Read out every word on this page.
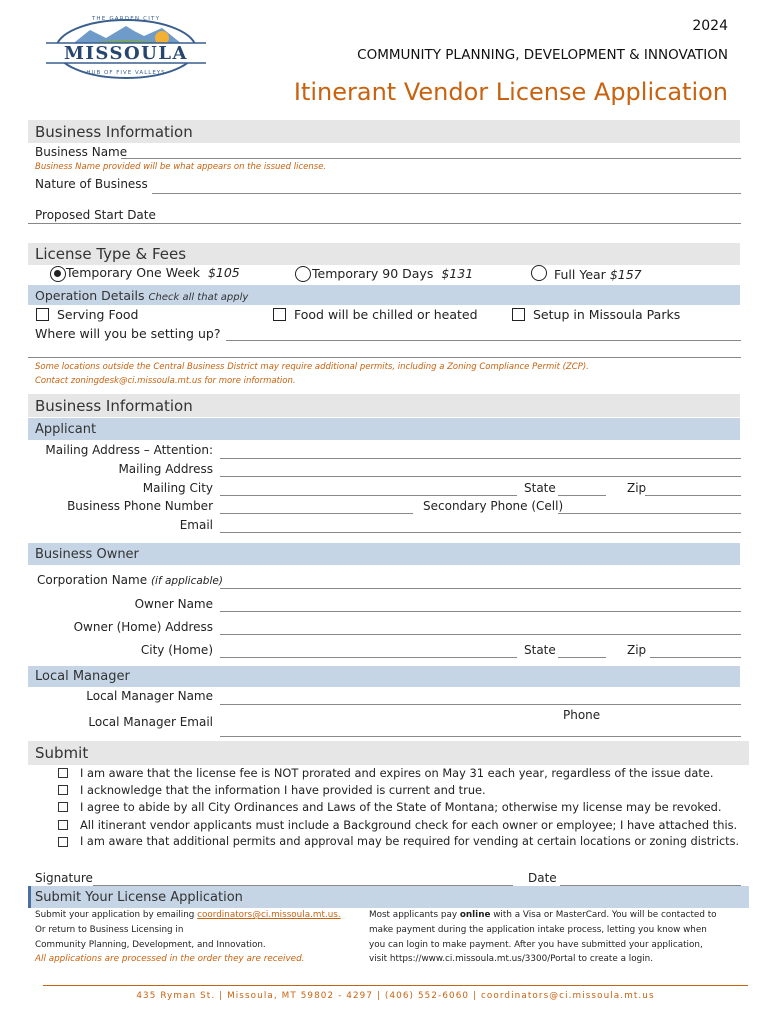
MISSOULA
THE GARDEN CITY
HUB OF FIVE VALLEYS
2024
COMMUNITY PLANNING, DEVELOPMENT & INNOVATION
Itinerant Vendor License Application
Business Information
Business Name
Business Name provided will be what appears on the issued license.
Nature of Business
Proposed Start Date
License Type & Fees
Temporary One Week $105	Temporary 90 Days $131	Full Year $157
Operation Details Check all that apply
Serving Food	Food will be chilled or heated	Setup in Missoula Parks
Where will you be setting up?
Some locations outside the Central Business District may require additional permits, including a Zoning Compliance Permit (ZCP).
Contact zoningdesk@ci.missoula.mt.us for more information.
Business Information
Applicant
Mailing Address – Attention:
Mailing Address
Mailing City	State	Zip
Business Phone Number	Secondary Phone (Cell)
Email
Business Owner
Corporation Name (if applicable)
Owner Name
Owner (Home) Address
City (Home)	State	Zip
Local Manager
Local Manager Name
Phone
Local Manager Email
Submit
I am aware that the license fee is NOT prorated and expires on May 31 each year, regardless of the issue date.
I acknowledge that the information I have provided is current and true.
I agree to abide by all City Ordinances and Laws of the State of Montana; otherwise my license may be revoked.
All itinerant vendor applicants must include a Background check for each owner or employee; I have attached this.
I am aware that additional permits and approval may be required for vending at certain locations or zoning districts.
Signature	Date
Submit Your License Application
Submit your application by emailing coordinators@ci.missoula.mt.us.
Or return to Business Licensing in
Community Planning, Development, and Innovation.
All applications are processed in the order they are received.
Most applicants pay online with a Visa or MasterCard. You will be contacted to
make payment during the application intake process, letting you know when
you can login to make payment. After you have submitted your application,
visit https://www.ci.missoula.mt.us/3300/Portal to create a login.
435 Ryman St. | Missoula, MT 59802 - 4297 | (406) 552-6060 | coordinators@ci.missoula.mt.us
